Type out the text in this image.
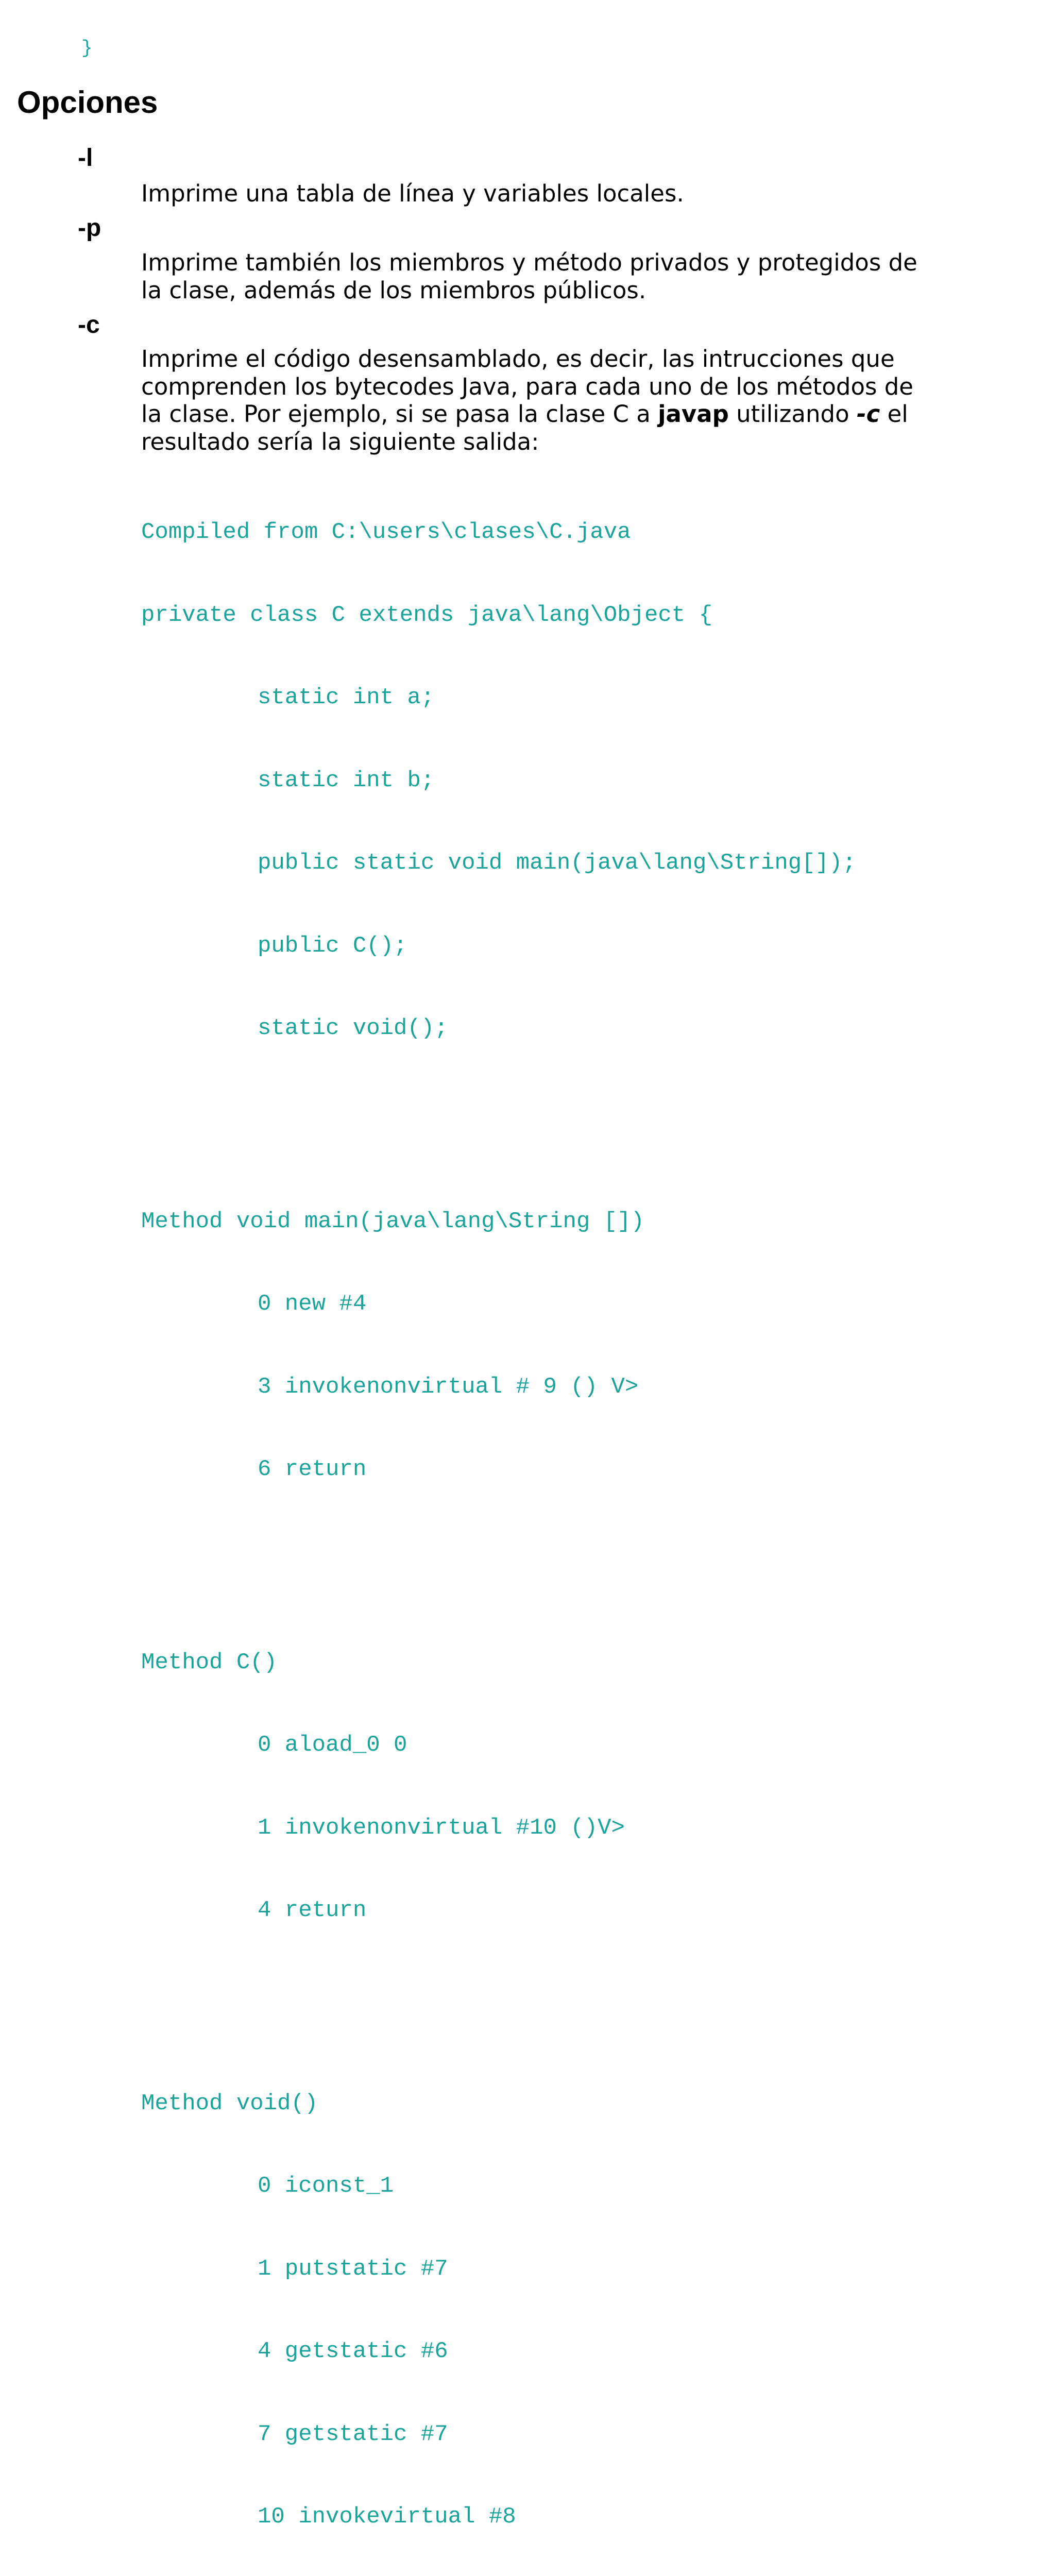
}
Opciones
-l

Imprime una tabla de línea y variables locales.

-p

Imprime también los miembros y método privados y protegidos de
la clase, además de los miembros públicos.

-c

Imprime el código desensamblado, es decir, las intrucciones que
comprenden los bytecodes Java, para cada uno de los métodos de
la clase. Por ejemplo, si se pasa la clase C a javap utilizando -c el
resultado sería la siguiente salida:

Compiled from C:\users\clases\C.java

private class C extends java\lang\Object {

static int a;

static int b;

public static void main(java\lang\String[]);

public C();

static void();

Method void main(java\lang\String [])

0 new #4

3 invokenonvirtual # 9 () V>

6 return

Method C()

0 aload_0 0

1 invokenonvirtual #10 ()V>

4 return

Method void()

0 iconst_1

1 putstatic #7

4 getstatic #6

7 getstatic #7

10 invokevirtual #8
